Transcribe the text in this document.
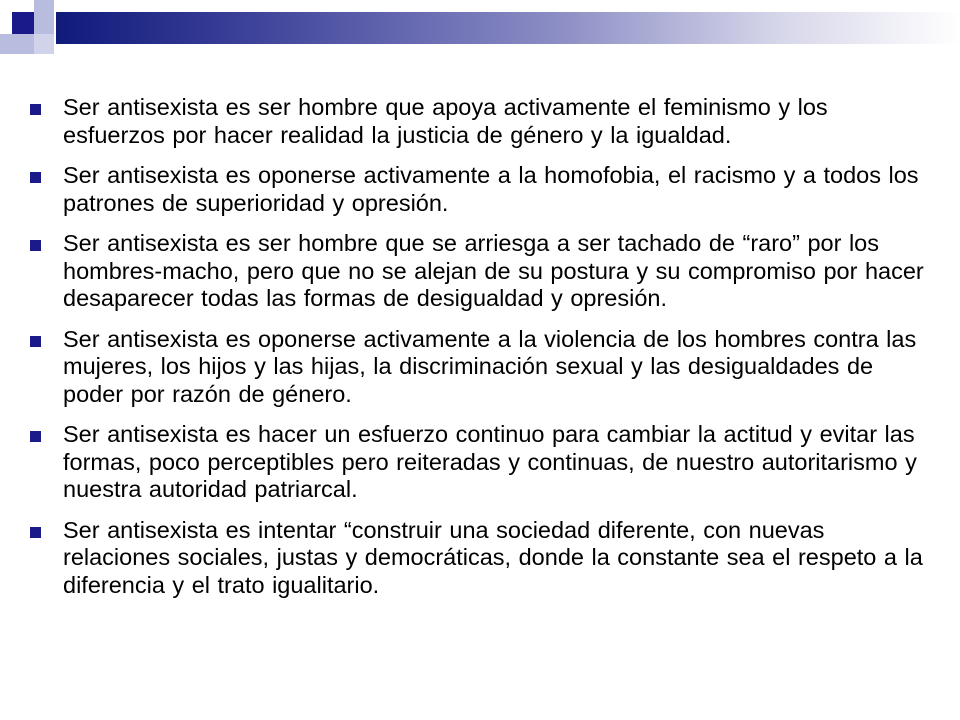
Ser antisexista es ser hombre que apoya activamente el feminismo y los esfuerzos por hacer realidad la justicia de género y la igualdad.
Ser antisexista es oponerse activamente a la homofobia, el racismo y a todos los patrones de superioridad y opresión.
Ser antisexista es ser hombre que se arriesga a ser tachado de “raro” por los hombres-macho, pero que no se alejan de su postura y su compromiso por hacer desaparecer todas las formas de desigualdad y opresión.
Ser antisexista es oponerse activamente a la violencia de los hombres contra las mujeres, los hijos y las hijas, la discriminación sexual y las desigualdades de poder por razón de género.
Ser antisexista es hacer un esfuerzo continuo para cambiar la actitud y evitar las formas, poco perceptibles pero reiteradas y continuas, de nuestro autoritarismo y nuestra autoridad patriarcal.
Ser antisexista es intentar “construir una sociedad diferente, con nuevas relaciones sociales, justas y democráticas, donde la constante sea el respeto a la diferencia y el trato igualitario.
